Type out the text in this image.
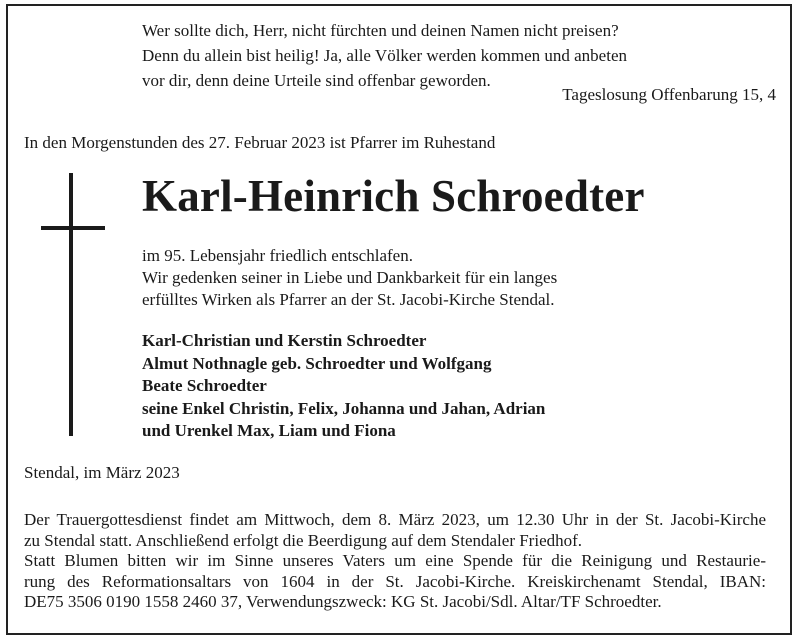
Wer sollte dich, Herr, nicht fürchten und deinen Namen nicht preisen?
Denn du allein bist heilig! Ja, alle Völker werden kommen und anbeten
vor dir, denn deine Urteile sind offenbar geworden.
Tageslosung Offenbarung 15, 4
In den Morgenstunden des 27. Februar 2023 ist Pfarrer im Ruhestand
Karl-Heinrich Schroedter
im 95. Lebensjahr friedlich entschlafen.
Wir gedenken seiner in Liebe und Dankbarkeit für ein langes
erfülltes Wirken als Pfarrer an der St. Jacobi-Kirche Stendal.
Karl-Christian und Kerstin Schroedter
Almut Nothnagle geb. Schroedter und Wolfgang
Beate Schroedter
seine Enkel Christin, Felix, Johanna und Jahan, Adrian
und Urenkel Max, Liam und Fiona
Stendal, im März 2023
Der Trauergottesdienst findet am Mittwoch, dem 8. März 2023, um 12.30 Uhr in der St. Jacobi-Kirche
zu Stendal statt. Anschließend erfolgt die Beerdigung auf dem Stendaler Friedhof.
Statt Blumen bitten wir im Sinne unseres Vaters um eine Spende für die Reinigung und Restaurie-
rung des Reformationsaltars von 1604 in der St. Jacobi-Kirche. Kreiskirchenamt Stendal, IBAN:
DE75 3506 0190 1558 2460 37, Verwendungszweck: KG St. Jacobi/Sdl. Altar/TF Schroedter.
